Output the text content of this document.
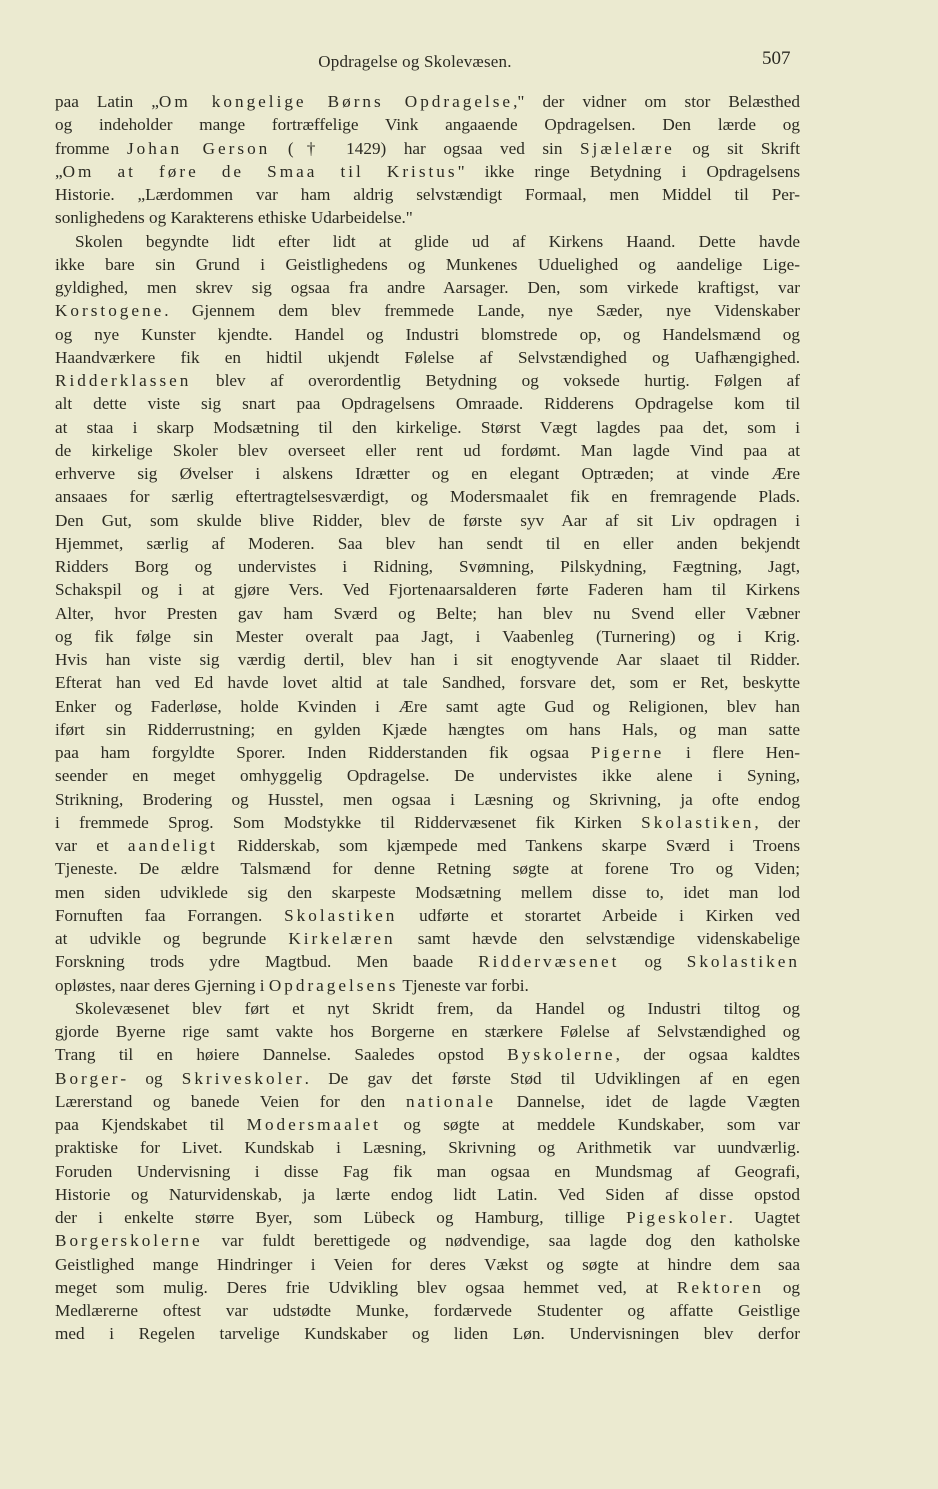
Opdragelse og Skolevæsen.	507
paa Latin „Om kongelige Børns Opdragelse," der vidner om stor Belæsthed
og indeholder mange fortræffelige Vink angaaende Opdragelsen. Den lærde og
fromme Johan Gerson († 1429) har ogsaa ved sin Sjælelære og sit Skrift
„Om at føre de Smaa til Kristus" ikke ringe Betydning i Opdragelsens
Historie. „Lærdommen var ham aldrig selvstændigt Formaal, men Middel til Per-
sonlighedens og Karakterens ethiske Udarbeidelse."
Skolen begyndte lidt efter lidt at glide ud af Kirkens Haand. Dette havde
ikke bare sin Grund i Geistlighedens og Munkenes Uduelighed og aandelige Lige-
gyldighed, men skrev sig ogsaa fra andre Aarsager. Den, som virkede kraftigst, var
Korstogene. Gjennem dem blev fremmede Lande, nye Sæder, nye Videnskaber
og nye Kunster kjendte. Handel og Industri blomstrede op, og Handelsmænd og
Haandværkere fik en hidtil ukjendt Følelse af Selvstændighed og Uafhængighed.
Ridderklassen blev af overordentlig Betydning og voksede hurtig. Følgen af
alt dette viste sig snart paa Opdragelsens Omraade. Ridderens Opdragelse kom til
at staa i skarp Modsætning til den kirkelige. Størst Vægt lagdes paa det, som i
de kirkelige Skoler blev overseet eller rent ud fordømt. Man lagde Vind paa at
erhverve sig Øvelser i alskens Idrætter og en elegant Optræden; at vinde Ære
ansaaes for særlig eftertragtelsesværdigt, og Modersmaalet fik en fremragende Plads.
Den Gut, som skulde blive Ridder, blev de første syv Aar af sit Liv opdragen i
Hjemmet, særlig af Moderen. Saa blev han sendt til en eller anden bekjendt
Ridders Borg og undervistes i Ridning, Svømning, Pilskydning, Fægtning, Jagt,
Schakspil og i at gjøre Vers. Ved Fjortenaarsalderen førte Faderen ham til Kirkens
Alter, hvor Presten gav ham Sværd og Belte; han blev nu Svend eller Væbner
og fik følge sin Mester overalt paa Jagt, i Vaabenleg (Turnering) og i Krig.
Hvis han viste sig værdig dertil, blev han i sit enogtyvende Aar slaaet til Ridder.
Efterat han ved Ed havde lovet altid at tale Sandhed, forsvare det, som er Ret, beskytte
Enker og Faderløse, holde Kvinden i Ære samt agte Gud og Religionen, blev han
iført sin Ridderrustning; en gylden Kjæde hængtes om hans Hals, og man satte
paa ham forgyldte Sporer. Inden Ridderstanden fik ogsaa Pigerne i flere Hen-
seender en meget omhyggelig Opdragelse. De undervistes ikke alene i Syning,
Strikning, Brodering og Husstel, men ogsaa i Læsning og Skrivning, ja ofte endog
i fremmede Sprog. Som Modstykke til Riddervæsenet fik Kirken Skolastiken, der
var et aandeligt Ridderskab, som kjæmpede med Tankens skarpe Sværd i Troens
Tjeneste. De ældre Talsmænd for denne Retning søgte at forene Tro og Viden;
men siden udviklede sig den skarpeste Modsætning mellem disse to, idet man lod
Fornuften faa Forrangen. Skolastiken udførte et storartet Arbeide i Kirken ved
at udvikle og begrunde Kirkelæren samt hævde den selvstændige videnskabelige
Forskning trods ydre Magtbud. Men baade Riddervæsenet og Skolastiken
opløstes, naar deres Gjerning i Opdragelsens Tjeneste var forbi.
Skolevæsenet blev ført et nyt Skridt frem, da Handel og Industri tiltog og
gjorde Byerne rige samt vakte hos Borgerne en stærkere Følelse af Selvstændighed og
Trang til en høiere Dannelse. Saaledes opstod Byskolerne, der ogsaa kaldtes
Borger- og Skriveskoler. De gav det første Stød til Udviklingen af en egen
Lærerstand og banede Veien for den nationale Dannelse, idet de lagde Vægten
paa Kjendskabet til Modersmaalet og søgte at meddele Kundskaber, som var
praktiske for Livet. Kundskab i Læsning, Skrivning og Arithmetik var uundværlig.
Foruden Undervisning i disse Fag fik man ogsaa en Mundsmag af Geografi,
Historie og Naturvidenskab, ja lærte endog lidt Latin. Ved Siden af disse opstod
der i enkelte større Byer, som Lübeck og Hamburg, tillige Pigeskoler. Uagtet
Borgerskolerne var fuldt berettigede og nødvendige, saa lagde dog den katholske
Geistlighed mange Hindringer i Veien for deres Vækst og søgte at hindre dem saa
meget som mulig. Deres frie Udvikling blev ogsaa hemmet ved, at Rektoren og
Medlærerne oftest var udstødte Munke, fordærvede Studenter og affatte Geistlige
med i Regelen tarvelige Kundskaber og liden Løn. Undervisningen blev derfor
